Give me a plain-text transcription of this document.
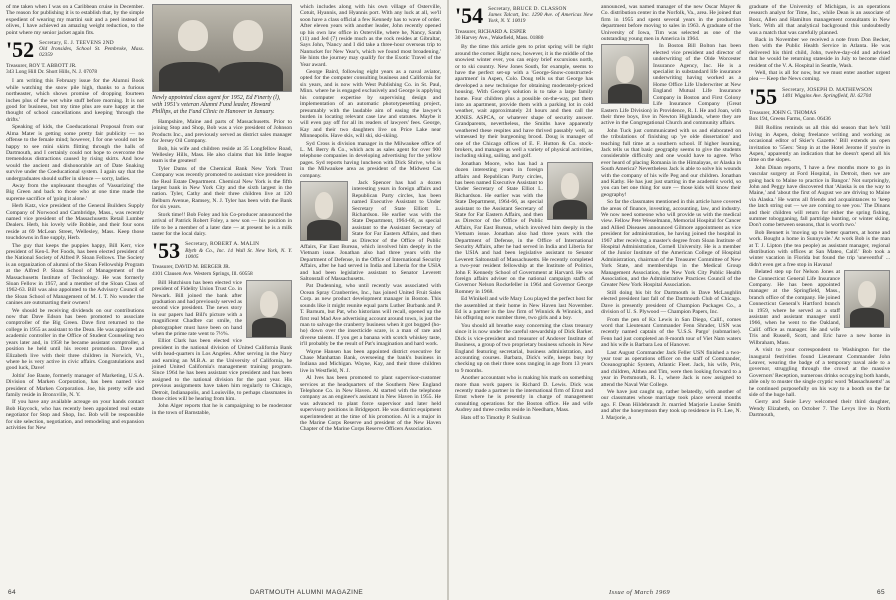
of me taken when I was on a Caribbean cruise in December. The reason for publishing it is to establish that, by the simple expedient of wearing my martini suit and a peel instead of olives, I have achieved an amazing weight reduction, to the point where my senior jacket again fits.

'52 Secretary, E. J. TEEVENS 2ND
Old Ironsides, School St. Pembroke, Mass. 02359
Treasurer, ROY T. ABBOTT JR.
343 Long Hill Dr. Short Hills, N. J. 07078

I am writing this February issue for the Alumni Book while watching the snow pile high, thanks to a furious northeaster, which shows promise of dropping fourteen inches plus of the wet white stuff before morning. It is not good for business, but my time plus are sure happy at the thought of school cancellations and keeping 'through the drifts.'

Speaking of kids, the Coeducational Proposal from our Alma Mater is getting some pretty fair publicity — no offense to the female mind; however, I for one would not be happy to see mini skirts flitting through the halls of Dartmouth, and I certainly could not hope to overcome the tremendous distractions caused by rising skirts. And how would the ancient and dishonorable art of Date Snaking survive under the Coeducational system. I again say that the undergraduates should suffer in silence — sorry, ladies.

Away from the unpleasant thoughts of 'Vassarizing' the Big Green and back to those who at one time made the supreme sacrifice of 'going it alone.'

Herb Katz, vice president of the General Builders Supply Company of Norwood and Cambridge, Mass., was recently named vice president of the Massachusetts Retail Lumber Dealers. Herb, his lovely wife Bobbie, and their four sons reside at 69 McLean Street, Wellesley, Mass. Keep those touchdowns in fine supply, Herb.

The guy that keeps the puppies happy, Bill Kerr, vice president of Ken-L Pet Foods, has been elected president of the National Society of Alfred P. Sloan Fellows. The Society is an organization of alumni of the Sloan Fellowship Program at the Alfred P. Sloan School of Management of the Massachusetts Institute of Technology. He was formerly Sloan Fellow in 1957, and a member of the Sloan Class of 1962-63. Bill was also appointed to the Advisory Council of the Sloan School of Management of M. I. T. No wonder the canines are outsmarting their owners!

We should be receiving dividends on our contributions now that Dave Edson has been promoted to associate comptroller of the Big Green. Dave first returned to the college in 1955 as assistant to the Dean. He was appointed an academic controller in the Office of Student Counseling two years later and, in 1958 he became assistant comptroller, a position he held until his recent promotion. Dave and Elizabeth live with their three children in Norwich, Vt., where he is very active in civic affairs. Congratulations and good luck, Dave!

Joltin' Joe Baute, formerly manager of Marketing, U.S.A. Division of Marken Corporation, has been named vice president of Marken Corporation. Joe, his pretty wife and family reside in Bronxville, N. Y.

If you have any available acreage on your hands contact Bob Haycock, who has recently been appointed real estate negotiator for Stop and Shop, Inc. Bob will be responsible for site selection, negotiation, and remodeling and expansion activities for New

Newly appointed class agent for 1952, Ed Finerty (l), with 1951's veteran Alumni Fund leader, Howard Phillips, at the Fund Clinic in Hanover in January.

Hampshire, Maine and parts of Massachusetts. Prior to joining Stop and Shop, Bob was a vice president of Johnson Products Inc., and previously served as district sales manager for Jersey Oil Company.

Bob, his wife and children reside at 35 Longfellow Road, Wellesley Hills, Mass. He also claims that his little league team is the greatest!

Tyler Dams of the Chemical Bank New York Trust Company was recently promoted to assistant vice president in the Real Estate Department. Chemical New York is the fifth largest bank in New York City and the sixth largest in the nation. Tyler, Cathy and their three children live at 120 Belburn Avenue, Ramsey, N. J. Tyler has been with the Bank for six years.

Stork time!! Bob Foley and his Co-producer announced the arrival of Patrick Robert Foley, a new son — his position in life to be a member of a later date — at present he is a milk taster for the local dairy.

'53 Secretary, ROBERT A. MALIN
Blyth & Co., Inc. 14 Wall St. New York, N. Y. 10005
Treasurer, DAVID M. BERGER JR.
4101 Clausen Ave. Western Springs, Ill. 60558

Bill Hutchison has been elected vice president of Fidelity Union Trust Co. in Newark. Bill joined the bank after graduation and had previously served as second vice president. The news story in our papers had Bill's picture with a magnificent Chadbre cat smile, the photographer must have been on hand when the prime rate went to 7½%.

Elliot Clark has been elected vice president in the national division of United California Bank with head-quarters in Los Angeles. After serving in the Navy and earning an M.B.A. at the University of California, he joined United California's management training program. Since 1964 he has been assistant vice president and has been assigned to the national division for the past year. His previous assignments have taken him regularly to Chicago, Detroit, Indianapolis, and Louisville, to perhaps classmates in those cities will be hearing from him.

John Alger reports that he is campaigning to be moderator in the town of Barnstable,

which includes along with his own village of Osterville, Cotuit, Hyannis, and Hyannis port. With any luck at all, we'll soon have a class official a few Kennedy has to wave of order. After eleven years with another leader, John recently opened up his own law office in Osterville, where he, Nancy, Sarah (11) and Jed (7) reside much as the rock resides at Gibraltar, Says John, 'Nancy and I did take a three-hour overseas trip to Nantucket for New Year's, which we found most broadening.' He hints the journey may qualify for the Exotic Travel of the Year award.

George Baird, following eight years as a naval aviator, opted for the computer consulting business and California for six years, and is now with West Publishing Co. in St. Paul, Minn. where he is engaged exclusively and George is applying his computer expertise by supervising design and implementation of an automatic phototypesetting project, presumably with the laudable aim of easing the lawyer's burden in locating relevant case law and statutes. Maybe it will even pay off for all its readers of lawyers' fees. George, Kay and their two daughters live on Price Lake near Minneapolis. Have skis, will ski, ski-skiing.

Syd Cross is division manager in the Milwaukee office of L. M. Berry & Co., which acts as sales agent for over 900 telephone companies in developing advertising for the yellow pages. Syd reports having luncheon with Dick Shrive, who is in the Milwaukee area as president of the Midwest Cas company.

Jack Spencer has had a dozen interesting years in foreign affairs and Republican Party circles, has been named Executive Assistant to Under Secretary of State Elliott L. Richardson. He earlier was with the State Department, 1964-66, as special assistant to the Assistant Secretary of State for Far Eastern Affairs, and then as Director of the Office of Public Affairs, Far East Bureau, which involved him deeply in the Vietnam issue. Jonathan also had three years with the Department of Defense, in the Office of International Security Affairs, after he had served in India and Liberia for the USIA and had been legislative assistant to Senator Leverett Saltonstall of Massachusetts.

Pat Dudenning, who until recently was associated with Ocean Spray Cranberries, Inc., has joined United Fruit Sales Corp. as new product development manager in Boston. This sounds like it might reunite equal parts Luther Burbank and P. T. Barnum, but Pat, who historians will recall, opened up the first real Mad Ave advertising account around town, is just the man to salvage the cranberry business when it got bogged (ho-ho) down over the insecticide scare, is a man of rare and diverse talents. If you get a banana with scotch whiskey taste, it'll probably be the result of Pat's imagination and hard work.

Wayne Hansen has been appointed district executive for Chase Manhattan Bank, overseeing the bank's business in Indiana and Michigan. Wayne, Kay, and their three children live in Westfield, N. J.

Al Ives has been promoted to plant supervisor-customer services at the headquarters of the Southern New England Telephone Co. in New Haven. Al started with the telephone company as an engineer's assistant in New Haven in 1955. He was advanced to plant force supervisor and later held supervisory positions in Bridgeport. He was district equipment superintendent at the time of his promotion. Al is a major in the Marine Corps Reserve and president of the New Haven Chapter of the Marine Corps Reserve Officers Association.

64	DARTMOUTH ALUMNI MAGAZINE
'54 Secretary, BRUCE D. CLASSON
James Talcott, Inc. 1290 Ave. of Americas New York, N. Y. 10019
Treasurer, RICHARD A. ESPER
30 Harvey Ave., Wakefield, Mass. 01880

By the time this article gets to print spring will be right around the corner. Right now, however, it is the middle of the snowiest winter ever, you can enjoy brief excursions north, or to ski country. New Jones South, for example, seems to have the perfect set-up with a 'George-Snow-constructed-apartment' in Aspen, Colo. Doug tells us that George has developed a new technique for obtaining moderately-priced housing. With George's solution is to take a large family home. Four children plus a possible on-the-way, put them into an apartment, provide them with a parking lot in cold weather, wait approximately 24 hours and then call the JONES. ASPCA, or whatever shape of security answer. Grandparents, nevertheless, the Smiths have apparently weathered these respites and have thrived passably well, as witnessed by their burgeoning brood. Doug is manager of one of the Chicago offices of E. F. Hutton & Co. stock-brokers, and manages as well a variety of physical activities, including skiing, sailing, and golf.

Jonathan Moore, who has had a dozen interesting years in foreign affairs and Republican Party circles, has been named Executive Assistant to Under Secretary of State Elliot L. Richardson. He earlier was with the State Department, 1964-66, as special assistant to the Assistant Secretary of State for Far Eastern Affairs, and then as Director of the Office of Public Affairs, Far East Bureau, which involved him deeply in the Vietnam issue. Jonathan also had three years with the Department of Defense, in the Office of International Security Affairs, after he had served in India and Liberia for the USIA and had been legislative assistant to Senator Leverett Saltonstall of Massachusetts. He recently completed a two-year resident fellowship at the Institute of Politics, John F. Kennedy School of Government at Harvard. He was foreign affairs adviser on the national campaign staffs of Governor Nelson Rockefeller in 1964 and Governor George Romney in 1968.

Ed Winikell and wife Mary Lou played the perfect host for the assembled at their home in New Haven last November. Ed is a partner in the law firm of Winnick & Winnick, and his offspring now number three, two girls and a boy.

You should all breathe easy concerning the class treasury since it is now under the careful stewardship of Dick Barker. Dick is vice-president and treasurer of Andover Institute of Business, a group of two proprietary business schools in New England featuring secretarial, business administration, and accounting courses. Barbara, Dick's wife, keeps busy by checking up on their three sons ranging in age from 13 years to 9 months.

Another accountant who is making his mark on something more than work papers is Richard D. Lewis. Dick was recently made a partner in the international firm of Ernst and Ernst where he is presently in charge of management consulting operations for the Boston office. He and wife Audrey and three credits reside in Needham, Mass.

Hats off to Timothy P. Sullivan

announced, was named manager of the new Oscar Mayer & Co. distribution center in the Norfolk, Va., area. He joined that firm in 1955 and spent several years in the production department before moving to sales in 1963. A graduate of the University of Iowa, Tim was selected as one of the outstanding young men in America in 1964.

In Boston Bill Bolton has been elected vice president and director of underwriting of the Olde Worcester Insurance Agency, Inc. He is a specialist in substandard life insurance underwriting having worked as a Home Office Life Underwriter at New England Mutual Life Insurance Company in Boston and First Colony Life Insurance Company (Great Eastern Life Division) in Providence, R. I. He and Joan, with their three boys, live in Newton Highlands, where they are active in the Congregational Church and community affairs.

John Tuck just communicated with us and elaborated on the tribulations of finishing up 'ye olde dissertation' and teaching full time at a southern school. If higher learning, Jack tells us that basic geography seems to give the students considerable difficulty and one would have to agree. Who ever heard of placing Romania in the Himalayas, or Alaska in South America? Nevertheless Jack is able to solve his wounds with the company of his wife Peg and our children. Jonathan and Kathy. He has just just starting in the academic world, so you can bet one thing for sure — those kids will know their geography!

So far the classmates mentioned in this article have covered the areas of finance, investing, accounting, law, and industry. We now need someone who will provide us with the medical view. Fellow Pete Wesselmann, Memorial Hospital for Cancer and Allied Diseases announced Gilmore appointment as vice president for administration, he having joined the hospital in 1967 after receiving a master's degree from Sloan Institute of Hospital Administration, Cornell University. He is a member of the Junior Institute of the American College of Hospital Administration, chairman of the Treasurer Committee of New York State, and memberships in the Medical Group Management Association, the New York City Public Health Association, and the Administrative Practices Council of the Greater New York Hospital Association.

Still doing his bit for Dartmouth is Dave McLaughlin elected president last fall of the Dartmouth Club of Chicago. Dave is presently president of Champion Packages Co., a division of U. S. Plywood — Champion Papers, Inc.

From the pen of Kx Lewis in San Diego, Calif., comes word that Lieutenant Commander Fenn Shrader, USN was recently named captain of the 'U.S.S. Pargo' (submarine). Fenn had just completed an 8-month tour of Viet Nam waters and his wife is Barbara Lea of Hanover.

Last August Commander Jack Feller USN finished a two-year tour as operations officer on the staff of Commander, Oceanographic System, Atlantic Fleet. Jack, his wife, Pris, and children, Althea and Tim, were then looking forward to a year in Portsmouth, R. I., where Jack is now assigned to attend the Naval War College.

We have just caught up, rather belatedly, with another of our classmates whose marriage took place several months ago. F. Dean Hildebrandt Jr. married Marjorie Louise Smith and after the honeymoon they took up residence in Ft. Lee, N. J. Marjorie, a

graduate of the University of Michigan, is an operations research analyst for Time, Inc., while Dean is an associate of Booz, Allen and Hamilton management consultants in New York. With all that analytical background this undoubtedly was a match that was carefully planned.

Back in November we received a note from Don Becker, then with the Public Health Service in Atlanta. He was delivered his third child, John, twelve-day-old and advised that he would be returning stateside in July to become chief resident of the V. A. Hospital in Seattle, Wash.

Well, that is all for now, but we must enter another urgent plea — Keep the News coming.

'55 Secretary, JOSEPH D. MATHEWSON
1401 Wiggins Ave. Springfield, Ill. 62704
Treasurer, JOHN G. THOMAS
Box 194, Greens Farms, Conn. 06436

Bill Rollins reminds us all this ski season that he's 'still living in Aspen, doing freelance writing and working as occasional editor of Skier's Gazette.' Bill extends an open invitation to '55ers: 'Stop in at the Hotel Jerome if you're in Aspen,' apparently an indication that he doesn't spend all his time on the slopes.

John Dinan reports, 'I have a few months more to go in vascular surgery at Ford Hospital, in Detroit, then we are going back to Maine to practice in Bangor.' Not surprisingly, John and Peggy have discovered that 'Alaska is on the way to Maine,' and 'about the first of August we are driving to Maine via Alaska.' He warns all friends and acquaintances to 'keep the latch string out — we are coming to see you.' The Dinans and their children will return for either the spring fishing, summer tobogganing, fall partridge hunting, or winter skiing. Don't come between seasons, that is worth two.'

Bob Bennett is 'moving up to better quarters, at home and work. Bought a home in Sunnyvale.' At work Bob is the man at T. J. Lipton (the tea people) as assistant manager, regional distribution with offices at San Mateo, Calif.' Bob took a winter vacation in Florida but found the trip 'uneventful' ... didn't even get a free stop in Havana!

Belated step up for Nelson Jones at the Connecticut General Life Insurance Company. He has been appointed manager at the Springfield, Mass., branch office of the company. He joined Connecticut General's Hartford branch in 1959, where he served as a staff assistant and assistant manager until 1966, when he went to the Oakland, Calif. office as manager. He and wife Tris and Russell, Scott, and Eric have a new home in Wilbraham, Mass.

A visit to your correspondent to Washington for the inaugural festivities found Lieutenant Commander John Leaver, wearing the badge of a temporary naval aide to a governor, struggling through the crowd at the massive Governors' Reception, numerous drinks occupying both hands, able only to muster the single cryptic word 'Massachusetts!' as he continued purposefully on his way to a booth on the far side of the huge hall.

Gerry and Susie Levy welcomed their third daughter, Wendy Elizabeth, on October 7. The Levys live in North Dartmouth,

Issue of March 1969	65
